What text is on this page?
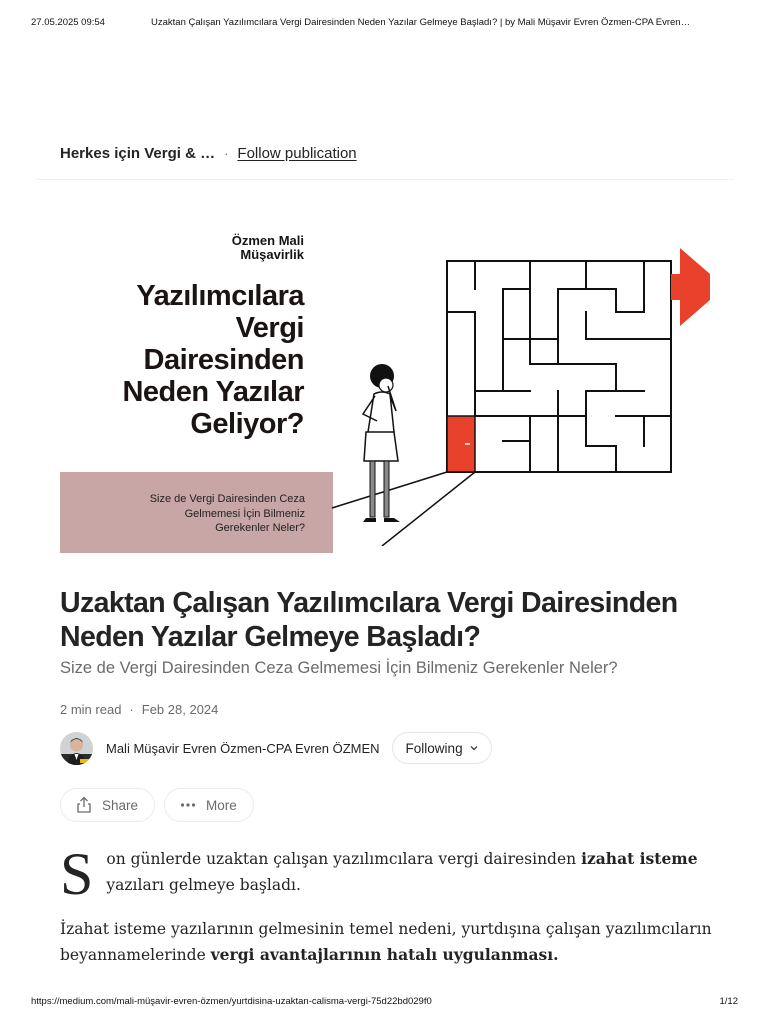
27.05.2025 09:54	Uzaktan Çalışan Yazılımcılara Vergi Dairesinden Neden Yazılar Gelmeye Başladı? | by Mali Müşavir Evren Özmen-CPA Evren…
Herkes için Vergi & … · Follow publication
Özmen Mali
Müşavirlik
Yazılımcılara
Vergi
Dairesinden
Neden Yazılar
Geliyor?
Size de Vergi Dairesinden Ceza
Gelmemesi İçin Bilmeniz
Gerekenler Neler?
Uzaktan Çalışan Yazılımcılara Vergi Dairesinden Neden Yazılar Gelmeye Başladı?
Size de Vergi Dairesinden Ceza Gelmemesi İçin Bilmeniz Gerekenler Neler?
2 min read · Feb 28, 2024
Mali Müşavir Evren Özmen-CPA Evren ÖZMEN Following
Share	More
Son günlerde uzaktan çalışan yazılımcılara vergi dairesinden izahat isteme yazıları gelmeye başladı.
İzahat isteme yazılarının gelmesinin temel nedeni, yurtdışına çalışan yazılımcıların beyannamelerinde vergi avantajlarının hatalı uygulanması.
https://medium.com/mali-müşavir-evren-özmen/yurtdisina-uzaktan-calisma-vergi-75d22bd029f0	1/12
